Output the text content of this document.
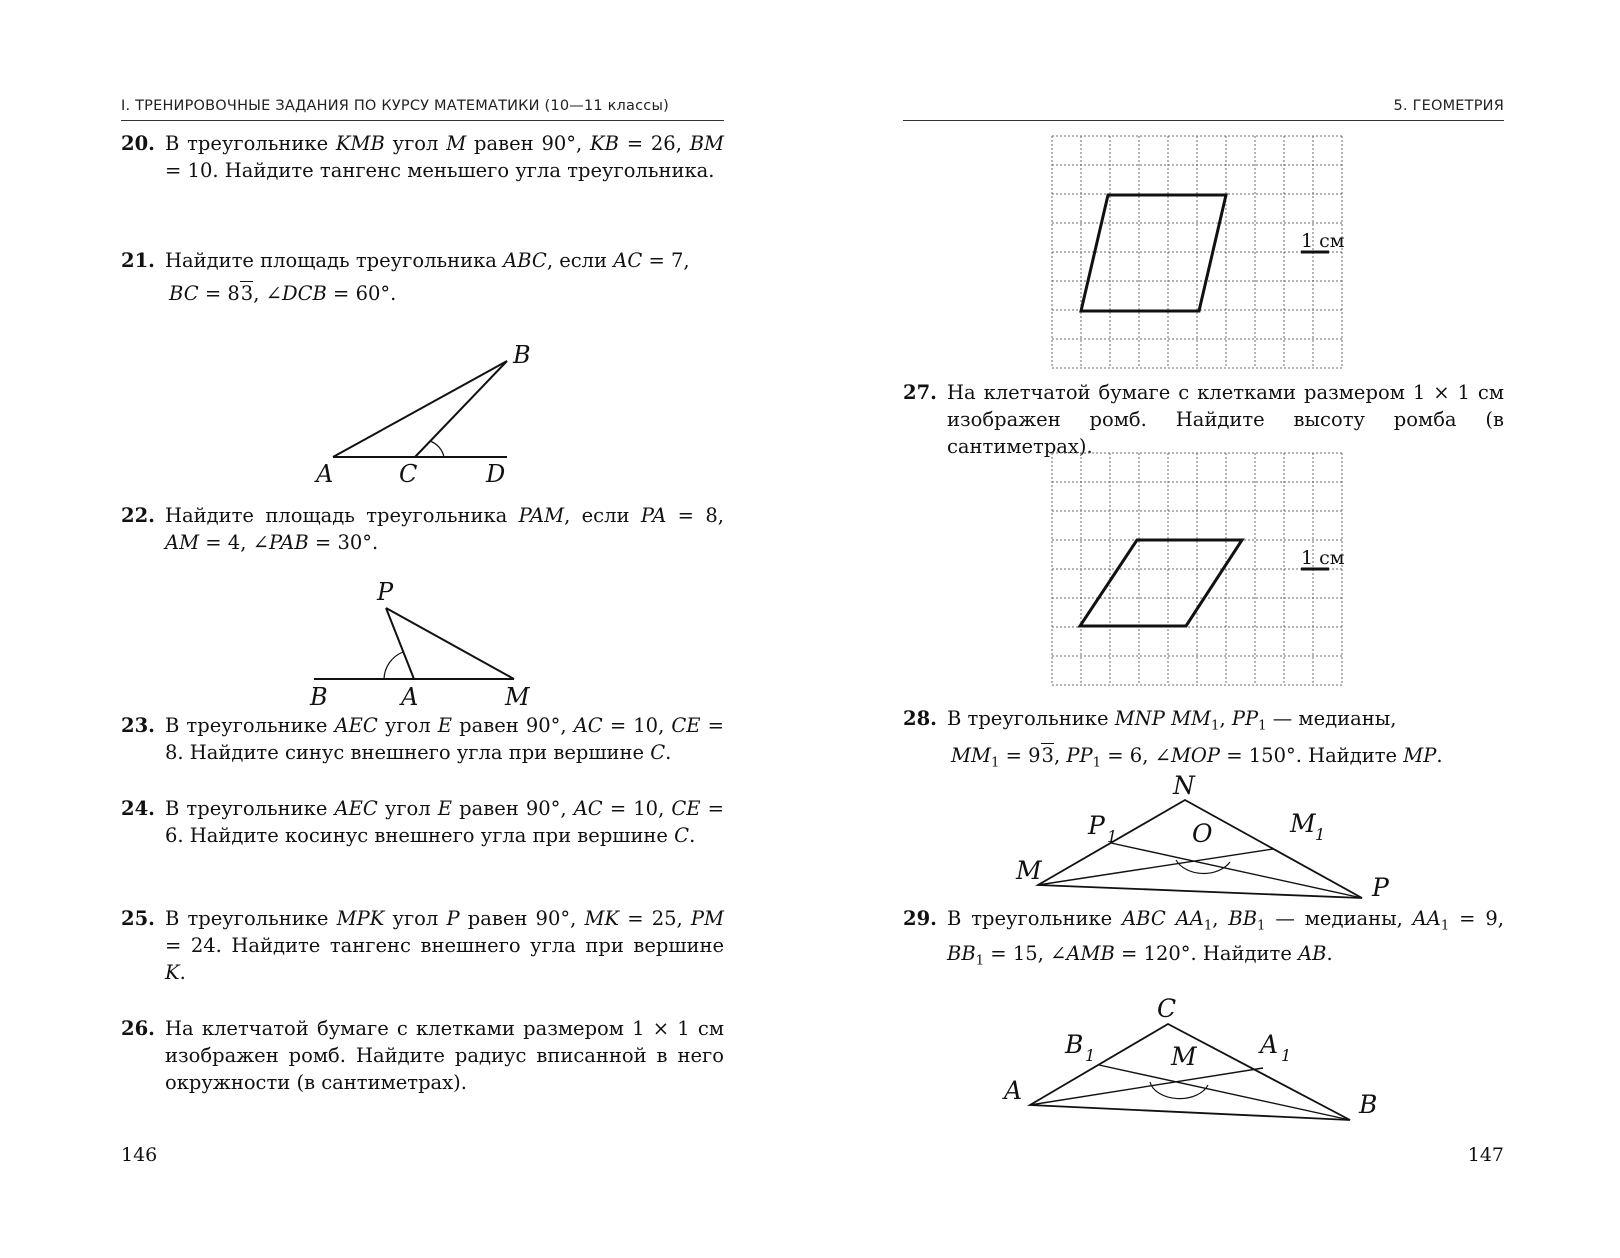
I. ТРЕНИРОВОЧНЫЕ ЗАДАНИЯ ПО КУРСУ МАТЕМАТИКИ (10—11 классы)
20. В треугольнике KMB угол M равен 90°, KB = 26, BM = 10. Найдите тангенс меньшего угла треугольника.
21. Найдите площадь треугольника ABC, если AC = 7,
BC = 83, ∠DCB = 60°.
A	C	D
B
22. Найдите площадь треугольника PAM, если PA = 8, AM = 4, ∠PAB = 30°.
P
B	A	M
23. В треугольнике AEC угол E равен 90°, AC = 10, CE = 8. Найдите синус внешнего угла при вершине C.
24. В треугольнике AEC угол E равен 90°, AC = 10, CE = 6. Найдите косинус внешнего угла при вершине C.
25. В треугольнике MPK угол P равен 90°, MK = 25, PM = 24. Найдите тангенс внешнего угла при вершине K.
26. На клетчатой бумаге с клетками размером 1 × 1 см изображен ромб. Найдите радиус вписанной в него окружности (в сантиметрах).
146
5. ГЕОМЕТРИЯ
1 см
27. На клетчатой бумаге с клетками размером 1 × 1 см изображен ромб. Найдите высоту ромба (в сантиметрах).
1 см
28. В треугольнике MNP $MM_1$, $PP_1$ — медианы,
$MM_1 = 93$, $PP_1 = 6$, ∠MOP = 150°. Найдите MP.
N
P 1	M 1
O
M
P
29. В треугольнике ABC $AA_1$, $BB_1$ — медианы, $AA_1 = 9$, $BB_1 = 15$, ∠AMB = 120°. Найдите AB.
C
B 1	A 1
M
A	B
147
